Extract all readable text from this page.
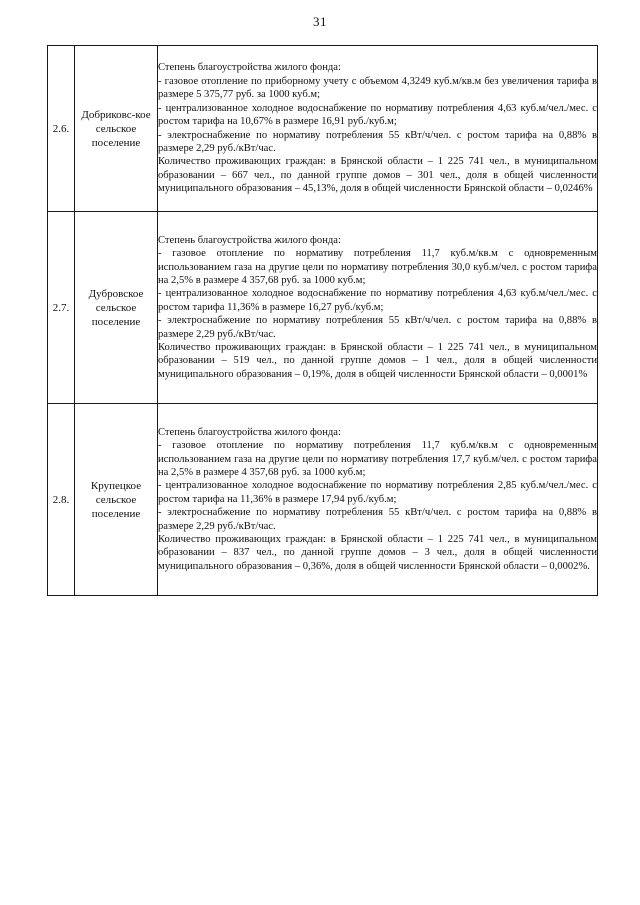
31
2.6.	Добриковс-кое сельское поселение	Степень благоустройства жилого фонда:
- газовое отопление по приборному учету с объемом 4,3249 куб.м/кв.м без увеличения тарифа в размере 5 375,77 руб. за 1000 куб.м;
- централизованное холодное водоснабжение по нормативу потребления 4,63 куб.м/чел./мес. с ростом тарифа на 10,67% в размере 16,91 руб./куб.м;
- электроснабжение по нормативу потребления 55 кВт/ч/чел. с ростом тарифа на 0,88% в размере 2,29 руб./кВт/час.
Количество проживающих граждан: в Брянской области – 1 225 741 чел., в муниципальном образовании – 667 чел., по данной группе домов – 301 чел., доля в общей численности муниципального образования – 45,13%, доля в общей численности Брянской области – 0,0246%

2.7.	Дубровское сельское поселение	Степень благоустройства жилого фонда:
- газовое отопление по нормативу потребления 11,7 куб.м/кв.м с одновременным использованием газа на другие цели по нормативу потребления 30,0 куб.м/чел. с ростом тарифа на 2,5% в размере 4 357,68 руб. за 1000 куб.м;
- централизованное холодное водоснабжение по нормативу потребления 4,63 куб.м/чел./мес. с ростом тарифа 11,36% в размере 16,27 руб./куб.м;
- электроснабжение по нормативу потребления 55 кВт/ч/чел. с ростом тарифа на 0,88% в размере 2,29 руб./кВт/час.
Количество проживающих граждан: в Брянской области – 1 225 741 чел., в муниципальном образовании – 519 чел., по данной группе домов – 1 чел., доля в общей численности муниципального образования – 0,19%, доля в общей численности Брянской области – 0,0001%

2.8.	Крупецкое сельское поселение	Степень благоустройства жилого фонда:
- газовое отопление по нормативу потребления 11,7 куб.м/кв.м с одновременным использованием газа на другие цели по нормативу потребления 17,7 куб.м/чел. с ростом тарифа на 2,5% в размере 4 357,68 руб. за 1000 куб.м;
- централизованное холодное водоснабжение по нормативу потребления 2,85 куб.м/чел./мес. с ростом тарифа на 11,36% в размере 17,94 руб./куб.м;
- электроснабжение по нормативу потребления 55 кВт/ч/чел. с ростом тарифа на 0,88% в размере 2,29 руб./кВт/час.
Количество проживающих граждан: в Брянской области – 1 225 741 чел., в муниципальном образовании – 837 чел., по данной группе домов – 3 чел., доля в общей численности муниципального образования – 0,36%, доля в общей численности Брянской области – 0,0002%.
